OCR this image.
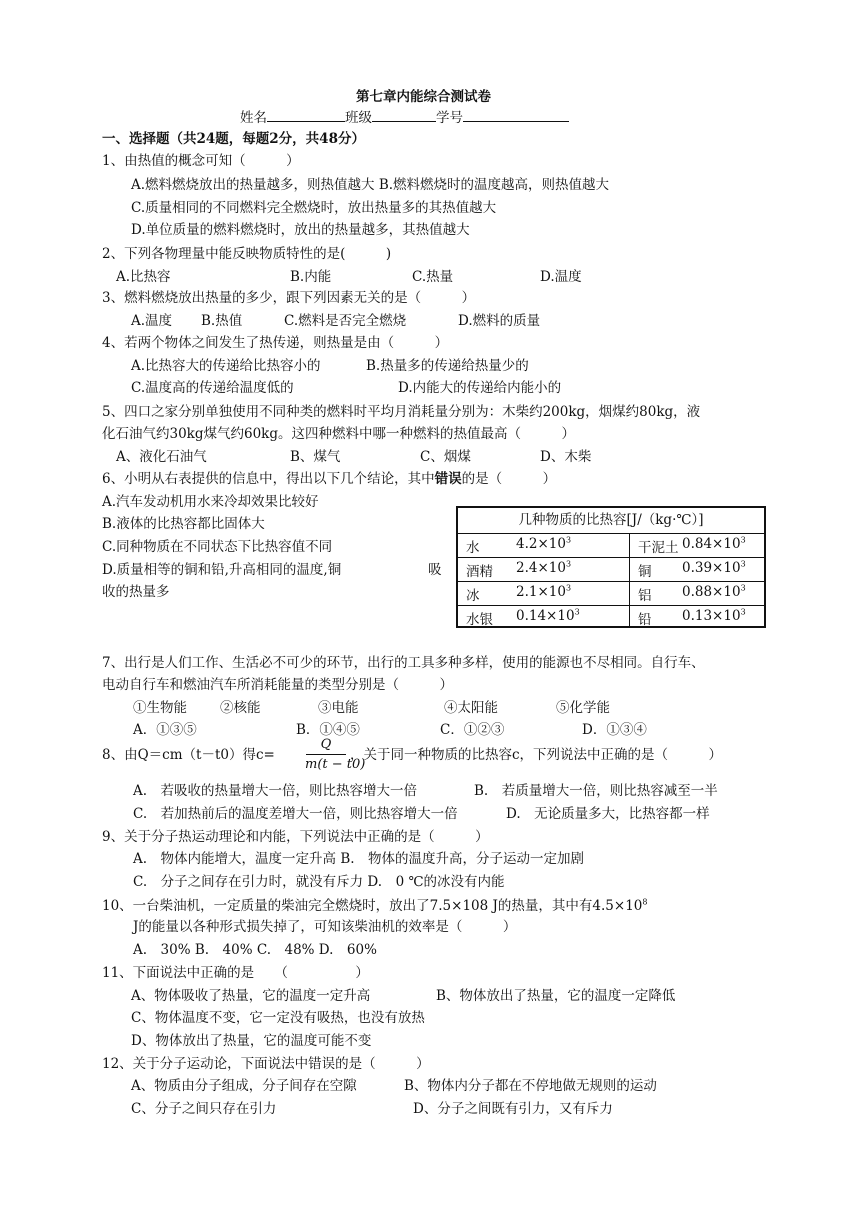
第七章内能综合测试卷
姓名	班级	学号
一、选择题（共24题，每题2分，共48分）
1、由热值的概念可知（　　　）
A.燃料燃烧放出的热量越多，则热值越大 B.燃料燃烧时的温度越高，则热值越大
C.质量相同的不同燃料完全燃烧时，放出热量多的其热值越大
D.单位质量的燃料燃烧时，放出的热量越多，其热值越大
2、下列各物理量中能反映物质特性的是(　　　)
A.比热容	B.内能	C.热量	D.温度
3、燃料燃烧放出热量的多少，跟下列因素无关的是（　　　）
A.温度 B.热值	C.燃料是否完全燃烧	D.燃料的质量
4、若两个物体之间发生了热传递，则热量是由（　　　）
A.比热容大的传递给比热容小的	B.热量多的传递给热量少的
C.温度高的传递给温度低的	D.内能大的传递给内能小的
5、四口之家分别单独使用不同种类的燃料时平均月消耗量分别为：木柴约200kg，烟煤约80kg，液
化石油气约30kg煤气约60kg。这四种燃料中哪一种燃料的热值最高（　　　）
A、液化石油气	B、煤气	C、烟煤	D、木柴
6、小明从右表提供的信息中，得出以下几个结论，其中错误的是（　　　）
A.汽车发动机用水来冷却效果比较好
B.液体的比热容都比固体大
C.同种物质在不同状态下比热容值不同
D.质量相等的铜和铅,升高相同的温度,铜	吸
收的热量多
几种物质的比热容[J/（kg·℃）]
水	$4.2\times 10^3$	干泥土 $0.84\times 10^3$
酒精 $2.4\times 10^3$	铜 $0.39\times 10^3$
冰	$2.1\times 10^3$	铝 $0.88\times 10^3$
水银 $0.14\times 10^3$	铅 $0.13\times 10^3$
7、出行是人们工作、生活必不可少的环节，出行的工具多种多样，使用的能源也不尽相同。自行车、
电动自行车和燃油汽车所消耗能量的类型分别是（　　　）
①生物能 ②核能	③电能	④太阳能	⑤化学能
A．①③⑤	B．①④⑤	C．①②③	D．①③④
8、由Q＝cm（t－t0）得c=
Q
m(t − t0)
，关于同一种物质的比热容c，下列说法中正确的是（　　　）
A.　若吸收的热量增大一倍，则比热容增大一倍	B.　若质量增大一倍，则比热容减至一半
C.　若加热前后的温度差增大一倍，则比热容增大一倍	D.　无论质量多大，比热容都一样
9、关于分子热运动理论和内能，下列说法中正确的是（　　　）
A.　物体内能增大，温度一定升高 B.　物体的温度升高，分子运动一定加剧
C.　分子之间存在引力时，就没有斥力 D.　0 ℃的冰没有内能
10、一台柴油机，一定质量的柴油完全燃烧时，放出了7.5×108 J的热量，其中有$4.5\times 10^8$
J的能量以各种形式损失掉了，可知该柴油机的效率是（　　　）
A.　30% B.　40% C.　48% D.　60%
11、下面说法中正确的是　　（　　　　　）
A、物体吸收了热量，它的温度一定升高	B、物体放出了热量，它的温度一定降低
C、物体温度不变，它一定没有吸热，也没有放热
D、物体放出了热量，它的温度可能不变
12、关于分子运动论，下面说法中错误的是（　　　）
A、物质由分子组成，分子间存在空隙	B、物体内分子都在不停地做无规则的运动
C、分子之间只存在引力	D、分子之间既有引力，又有斥力
